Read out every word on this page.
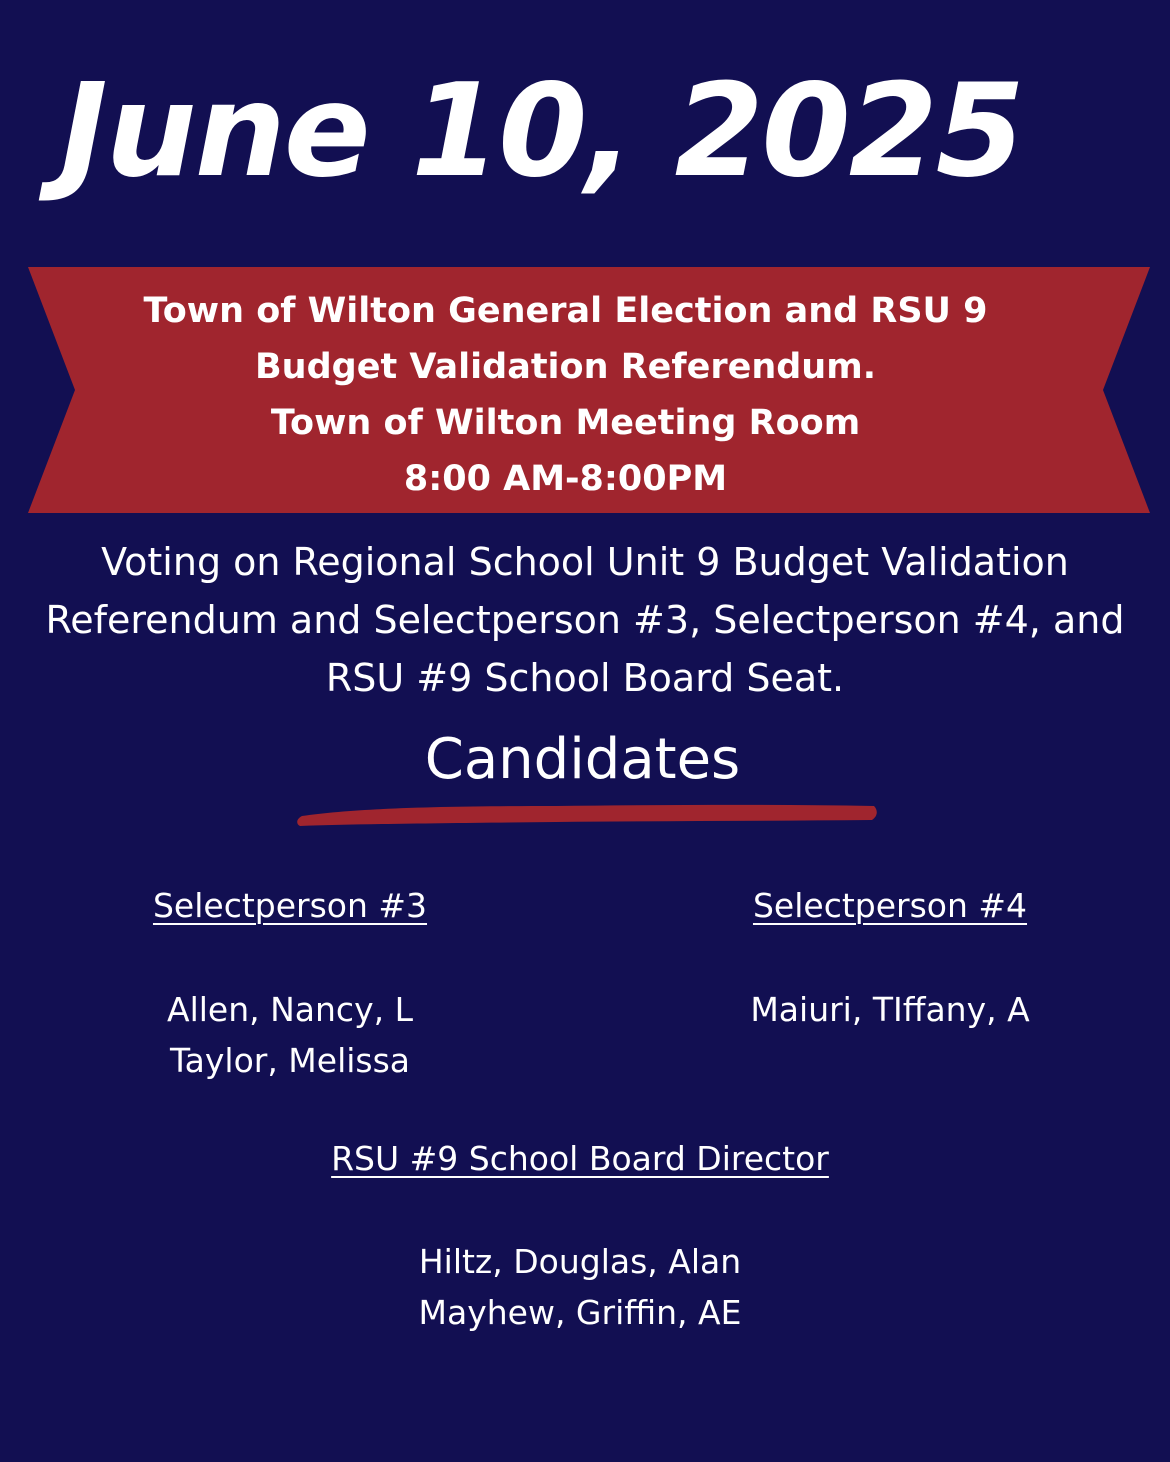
June 10, 2025
Town of Wilton General Election and RSU 9
Budget Validation Referendum.
Town of Wilton Meeting Room
8:00 AM-8:00PM
Voting on Regional School Unit 9 Budget Validation
Referendum and Selectperson #3, Selectperson #4, and
RSU #9 School Board Seat.
Candidates
Selectperson #3
Allen, Nancy, L
Taylor, Melissa
Selectperson #4
Maiuri, TIffany, A
RSU #9 School Board Director
Hiltz, Douglas, Alan
Mayhew, Griffin, AE
